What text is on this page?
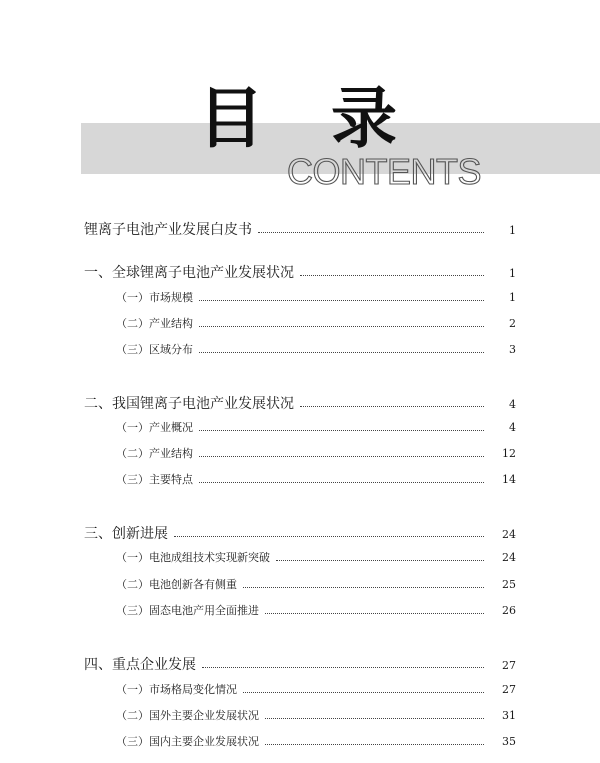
目 录
CONTENTS
锂离子电池产业发展白皮书	1
一、全球锂离子电池产业发展状况	1
（一）市场规模	1
（二）产业结构	2
（三）区域分布	3
二、我国锂离子电池产业发展状况	4
（一）产业概况	4
（二）产业结构	12
（三）主要特点	14
三、创新进展	24
（一）电池成组技术实现新突破	24
（二）电池创新各有侧重	25
（三）固态电池产用全面推进	26
四、重点企业发展	27
（一）市场格局变化情况	27
（二）国外主要企业发展状况	31
（三）国内主要企业发展状况	35
